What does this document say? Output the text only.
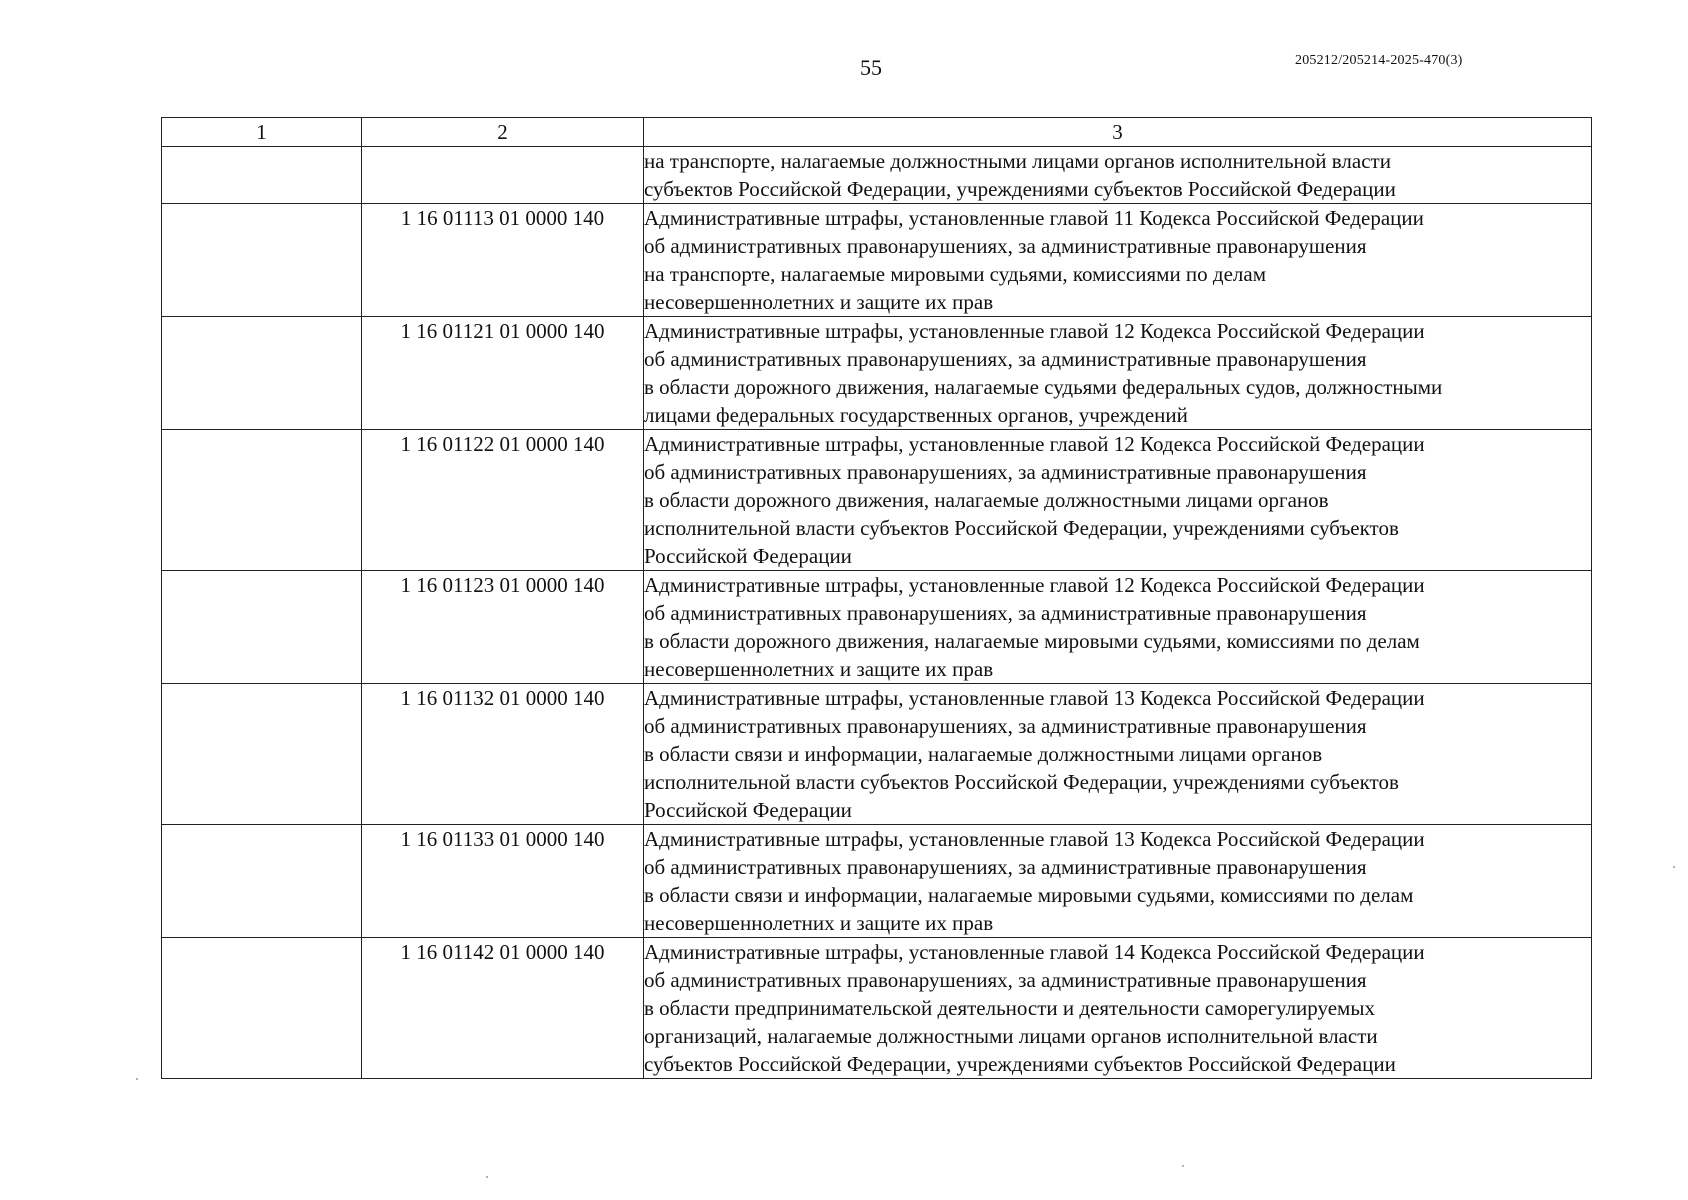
55	205212/205214-2025-470(3)
1	2	3

		на транспорте, налагаемые должностными лицами органов исполнительной власти
субъектов Российской Федерации, учреждениями субъектов Российской Федерации

	1 16 01113 01 0000 140	Административные штрафы, установленные главой 11 Кодекса Российской Федерации
об административных правонарушениях, за административные правонарушения
на транспорте, налагаемые мировыми судьями, комиссиями по делам
несовершеннолетних и защите их прав

	1 16 01121 01 0000 140	Административные штрафы, установленные главой 12 Кодекса Российской Федерации
об административных правонарушениях, за административные правонарушения
в области дорожного движения, налагаемые судьями федеральных судов, должностными
лицами федеральных государственных органов, учреждений

	1 16 01122 01 0000 140	Административные штрафы, установленные главой 12 Кодекса Российской Федерации
об административных правонарушениях, за административные правонарушения
в области дорожного движения, налагаемые должностными лицами органов
исполнительной власти субъектов Российской Федерации, учреждениями субъектов
Российской Федерации

	1 16 01123 01 0000 140	Административные штрафы, установленные главой 12 Кодекса Российской Федерации
об административных правонарушениях, за административные правонарушения
в области дорожного движения, налагаемые мировыми судьями, комиссиями по делам
несовершеннолетних и защите их прав

	1 16 01132 01 0000 140	Административные штрафы, установленные главой 13 Кодекса Российской Федерации
об административных правонарушениях, за административные правонарушения
в области связи и информации, налагаемые должностными лицами органов
исполнительной власти субъектов Российской Федерации, учреждениями субъектов
Российской Федерации

	1 16 01133 01 0000 140	Административные штрафы, установленные главой 13 Кодекса Российской Федерации
об административных правонарушениях, за административные правонарушения
в области связи и информации, налагаемые мировыми судьями, комиссиями по делам
несовершеннолетних и защите их прав

	1 16 01142 01 0000 140	Административные штрафы, установленные главой 14 Кодекса Российской Федерации
об административных правонарушениях, за административные правонарушения
в области предпринимательской деятельности и деятельности саморегулируемых
организаций, налагаемые должностными лицами органов исполнительной власти
субъектов Российской Федерации, учреждениями субъектов Российской Федерации
